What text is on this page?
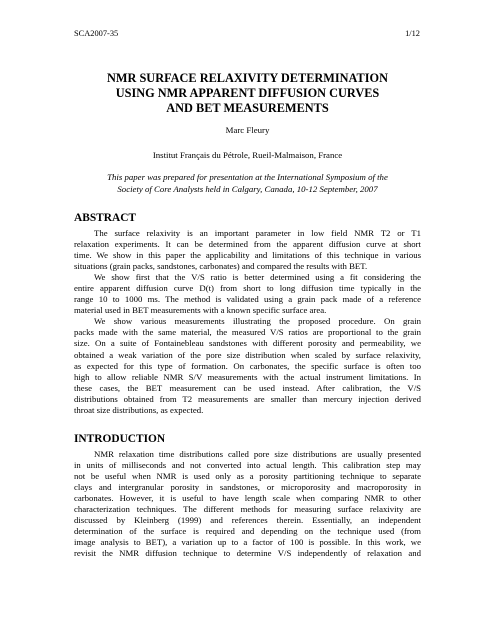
SCA2007-35	1/12
NMR SURFACE RELAXIVITY DETERMINATION
USING NMR APPARENT DIFFUSION CURVES
AND BET MEASUREMENTS
Marc Fleury
Institut Français du Pétrole, Rueil-Malmaison, France
This paper was prepared for presentation at the International Symposium of the
Society of Core Analysts held in Calgary, Canada, 10-12 September, 2007
ABSTRACT
The surface relaxivity is an important parameter in low field NMR T2 or T1
relaxation experiments. It can be determined from the apparent diffusion curve at short
time. We show in this paper the applicability and limitations of this technique in various
situations (grain packs, sandstones, carbonates) and compared the results with BET.
We show first that the V/S ratio is better determined using a fit considering the
entire apparent diffusion curve D(t) from short to long diffusion time typically in the
range 10 to 1000 ms. The method is validated using a grain pack made of a reference
material used in BET measurements with a known specific surface area.
We show various measurements illustrating the proposed procedure. On grain
packs made with the same material, the measured V/S ratios are proportional to the grain
size. On a suite of Fontainebleau sandstones with different porosity and permeability, we
obtained a weak variation of the pore size distribution when scaled by surface relaxivity,
as expected for this type of formation. On carbonates, the specific surface is often too
high to allow reliable NMR S/V measurements with the actual instrument limitations. In
these cases, the BET measurement can be used instead. After calibration, the V/S
distributions obtained from T2 measurements are smaller than mercury injection derived
throat size distributions, as expected.
INTRODUCTION
NMR relaxation time distributions called pore size distributions are usually presented
in units of milliseconds and not converted into actual length. This calibration step may
not be useful when NMR is used only as a porosity partitioning technique to separate
clays and intergranular porosity in sandstones, or microporosity and macroporosity in
carbonates. However, it is useful to have length scale when comparing NMR to other
characterization techniques. The different methods for measuring surface relaxivity are
discussed by Kleinberg (1999) and references therein. Essentially, an independent
determination of the surface is required and depending on the technique used (from
image analysis to BET), a variation up to a factor of 100 is possible. In this work, we
revisit the NMR diffusion technique to determine V/S independently of relaxation and
